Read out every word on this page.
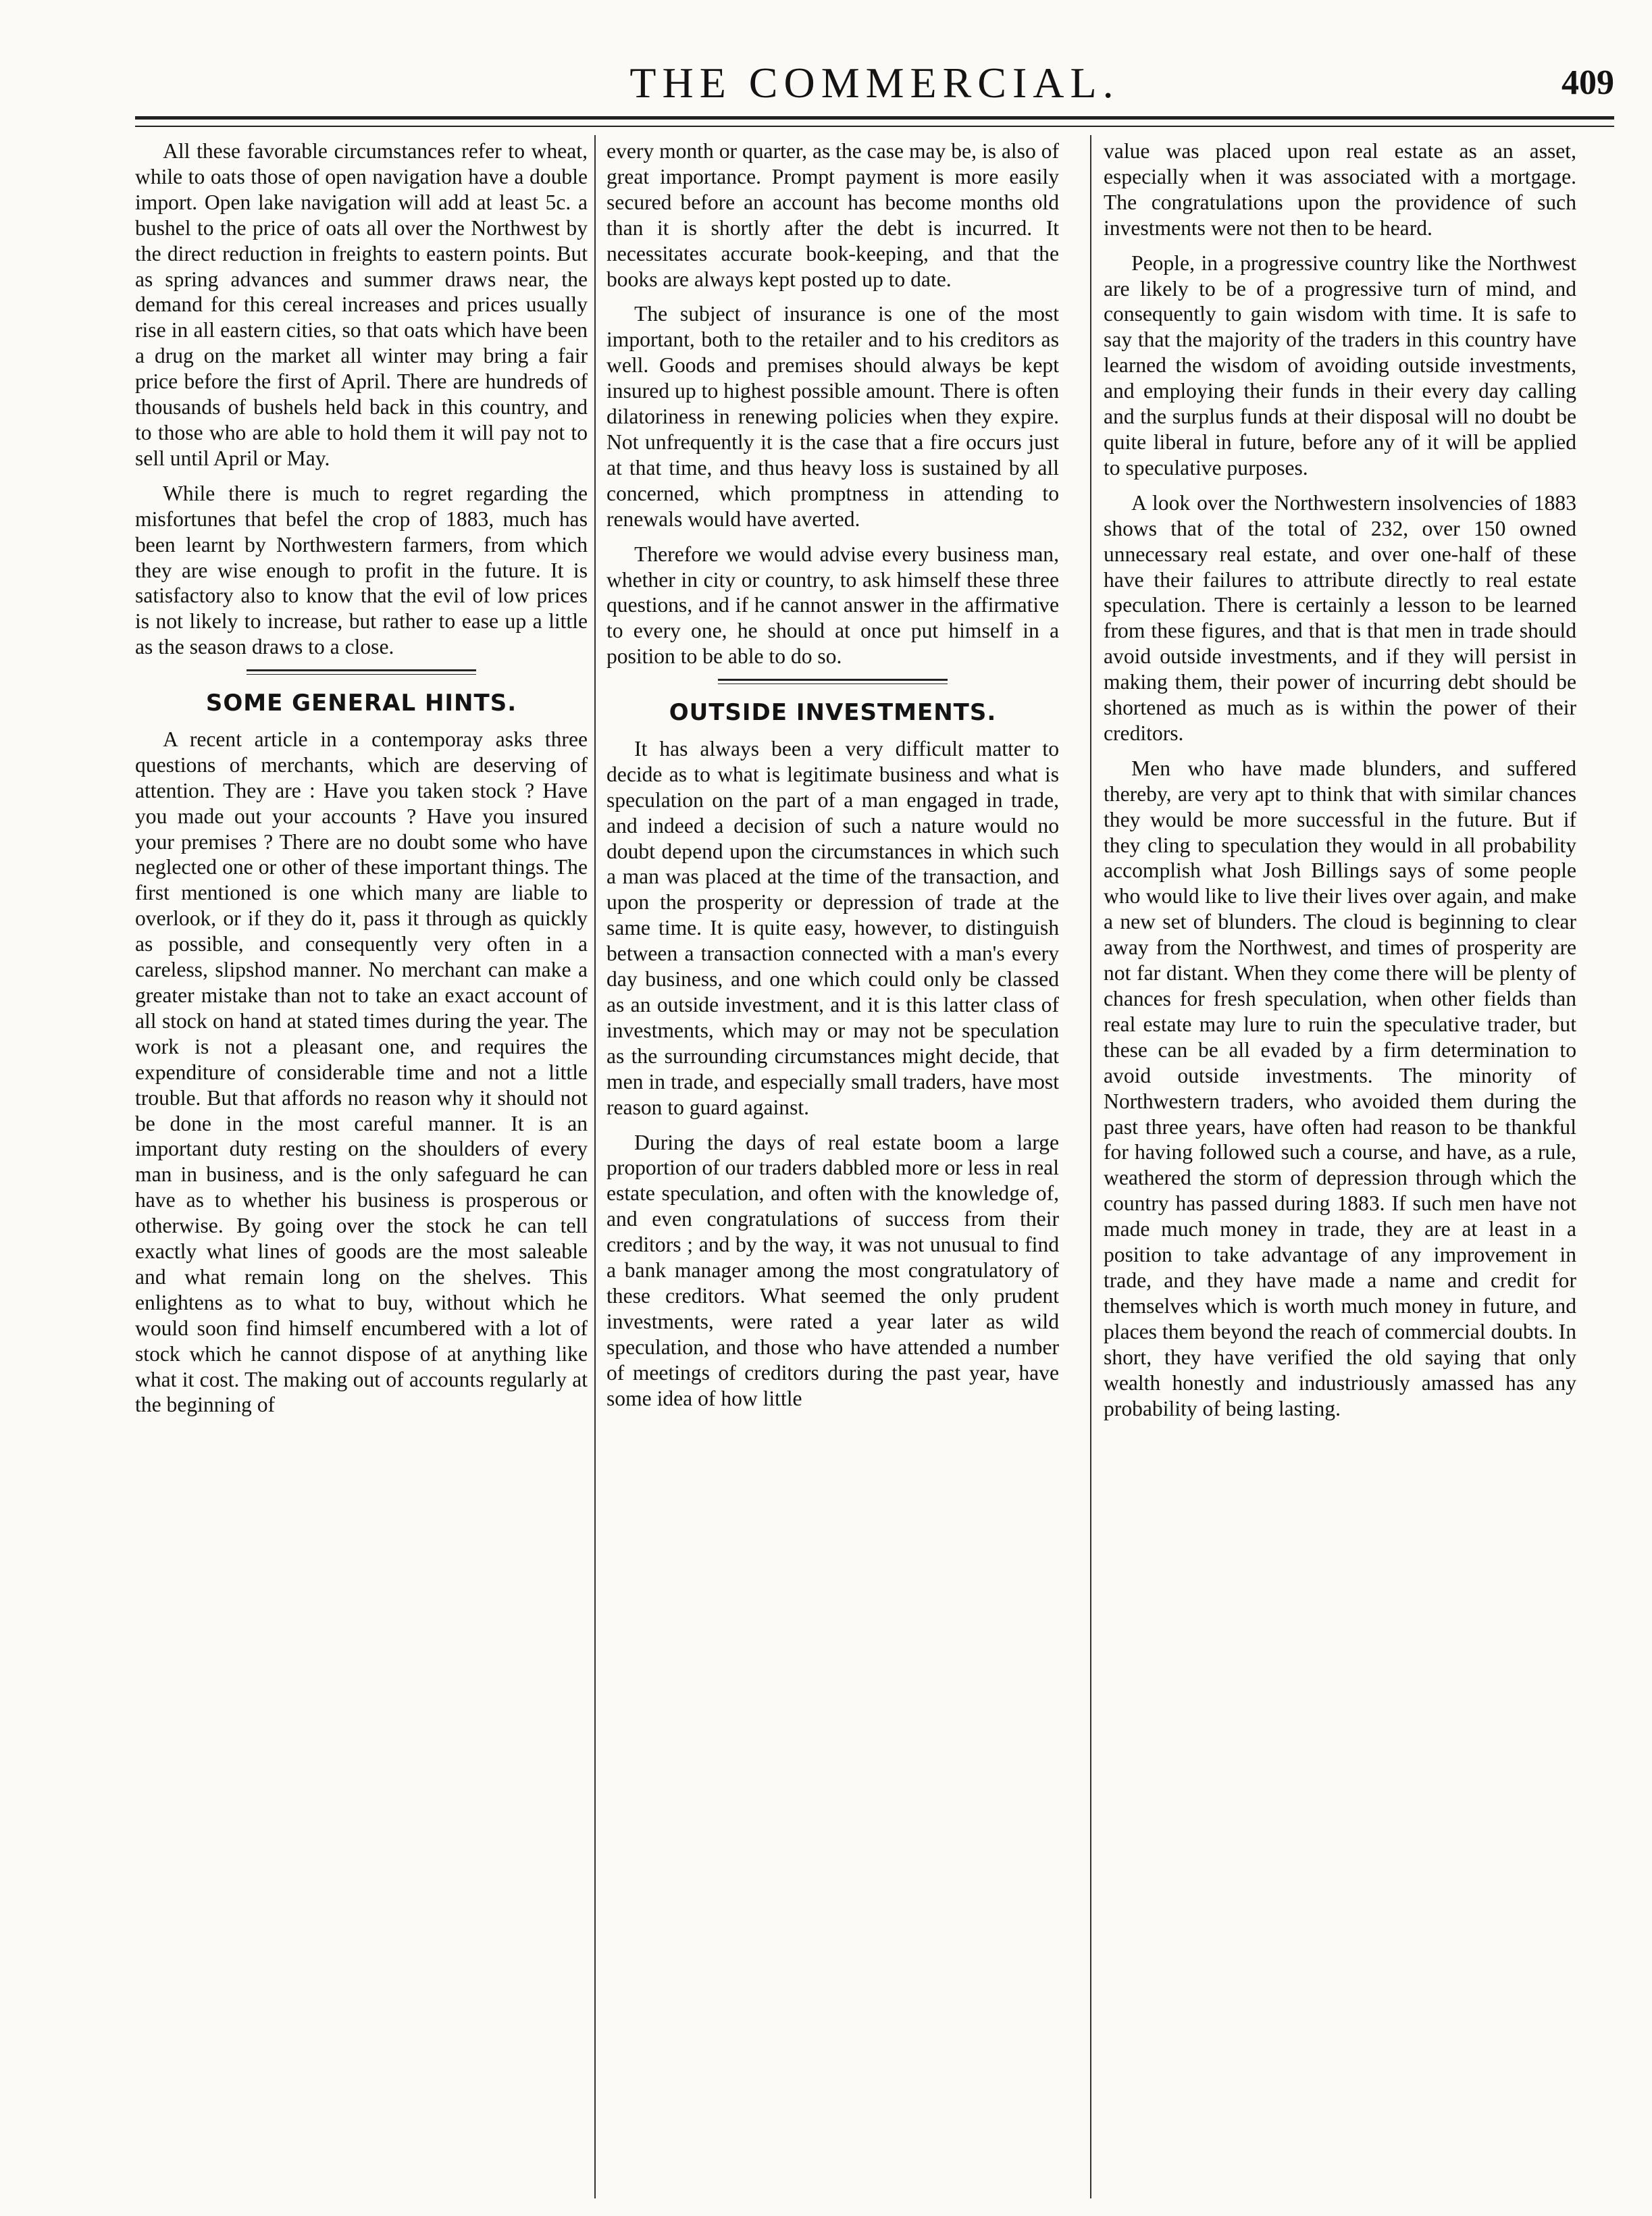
THE COMMERCIAL.	409

All these favorable circumstances refer to wheat, while to oats those of open navigation have a double import. Open lake navigation will add at least 5c. a bushel to the price of oats all over the Northwest by the direct reduction in freights to eastern points. But as spring advances and summer draws near, the demand for this cereal increases and prices usually rise in all eastern cities, so that oats which have been a drug on the market all winter may bring a fair price before the first of April. There are hundreds of thousands of bushels held back in this country, and to those who are able to hold them it will pay not to sell until April or May.

While there is much to regret regarding the misfortunes that befel the crop of 1883, much has been learnt by Northwestern farmers, from which they are wise enough to profit in the future. It is satisfactory also to know that the evil of low prices is not likely to increase, but rather to ease up a little as the season draws to a close.

SOME GENERAL HINTS.

A recent article in a contemporay asks three questions of merchants, which are deserving of attention. They are : Have you taken stock ? Have you made out your accounts ? Have you insured your premises ? There are no doubt some who have neglected one or other of these important things. The first mentioned is one which many are liable to overlook, or if they do it, pass it through as quickly as possible, and consequently very often in a careless, slipshod manner. No merchant can make a greater mistake than not to take an exact account of all stock on hand at stated times during the year. The work is not a pleasant one, and requires the expenditure of considerable time and not a little trouble. But that affords no reason why it should not be done in the most careful manner. It is an important duty resting on the shoulders of every man in business, and is the only safeguard he can have as to whether his business is prosperous or otherwise. By going over the stock he can tell exactly what lines of goods are the most saleable and what remain long on the shelves. This enlightens as to what to buy, without which he would soon find himself encumbered with a lot of stock which he cannot dispose of at anything like what it cost. The making out of accounts regularly at the beginning of

every month or quarter, as the case may be, is also of great importance. Prompt payment is more easily secured before an account has become months old than it is shortly after the debt is incurred. It necessitates accurate book-keeping, and that the books are always kept posted up to date.

The subject of insurance is one of the most important, both to the retailer and to his creditors as well. Goods and premises should always be kept insured up to highest possible amount. There is often dilatoriness in renewing policies when they expire. Not unfrequently it is the case that a fire occurs just at that time, and thus heavy loss is sustained by all concerned, which promptness in attending to renewals would have averted.

Therefore we would advise every business man, whether in city or country, to ask himself these three questions, and if he cannot answer in the affirmative to every one, he should at once put himself in a position to be able to do so.

OUTSIDE INVESTMENTS.

It has always been a very difficult matter to decide as to what is legitimate business and what is speculation on the part of a man engaged in trade, and indeed a decision of such a nature would no doubt depend upon the circumstances in which such a man was placed at the time of the transaction, and upon the prosperity or depression of trade at the same time. It is quite easy, however, to distinguish between a transaction connected with a man's every day business, and one which could only be classed as an outside investment, and it is this latter class of investments, which may or may not be speculation as the surrounding circumstances might decide, that men in trade, and especially small traders, have most reason to guard against.

During the days of real estate boom a large proportion of our traders dabbled more or less in real estate speculation, and often with the knowledge of, and even congratulations of success from their creditors ; and by the way, it was not unusual to find a bank manager among the most congratulatory of these creditors. What seemed the only prudent investments, were rated a year later as wild speculation, and those who have attended a number of meetings of creditors during the past year, have some idea of how little

value was placed upon real estate as an asset, especially when it was associated with a mortgage. The congratulations upon the providence of such investments were not then to be heard.

People, in a progressive country like the Northwest are likely to be of a progressive turn of mind, and consequently to gain wisdom with time. It is safe to say that the majority of the traders in this country have learned the wisdom of avoiding outside investments, and employing their funds in their every day calling and the surplus funds at their disposal will no doubt be quite liberal in future, before any of it will be applied to speculative purposes.

A look over the Northwestern insolvencies of 1883 shows that of the total of 232, over 150 owned unnecessary real estate, and over one-half of these have their failures to attribute directly to real estate speculation. There is certainly a lesson to be learned from these figures, and that is that men in trade should avoid outside investments, and if they will persist in making them, their power of incurring debt should be shortened as much as is within the power of their creditors.

Men who have made blunders, and suffered thereby, are very apt to think that with similar chances they would be more successful in the future. But if they cling to speculation they would in all probability accomplish what Josh Billings says of some people who would like to live their lives over again, and make a new set of blunders. The cloud is beginning to clear away from the Northwest, and times of prosperity are not far distant. When they come there will be plenty of chances for fresh speculation, when other fields than real estate may lure to ruin the speculative trader, but these can be all evaded by a firm determination to avoid outside investments. The minority of Northwestern traders, who avoided them during the past three years, have often had reason to be thankful for having followed such a course, and have, as a rule, weathered the storm of depression through which the country has passed during 1883. If such men have not made much money in trade, they are at least in a position to take advantage of any improvement in trade, and they have made a name and credit for themselves which is worth much money in future, and places them beyond the reach of commercial doubts. In short, they have verified the old saying that only wealth honestly and industriously amassed has any probability of being lasting.
